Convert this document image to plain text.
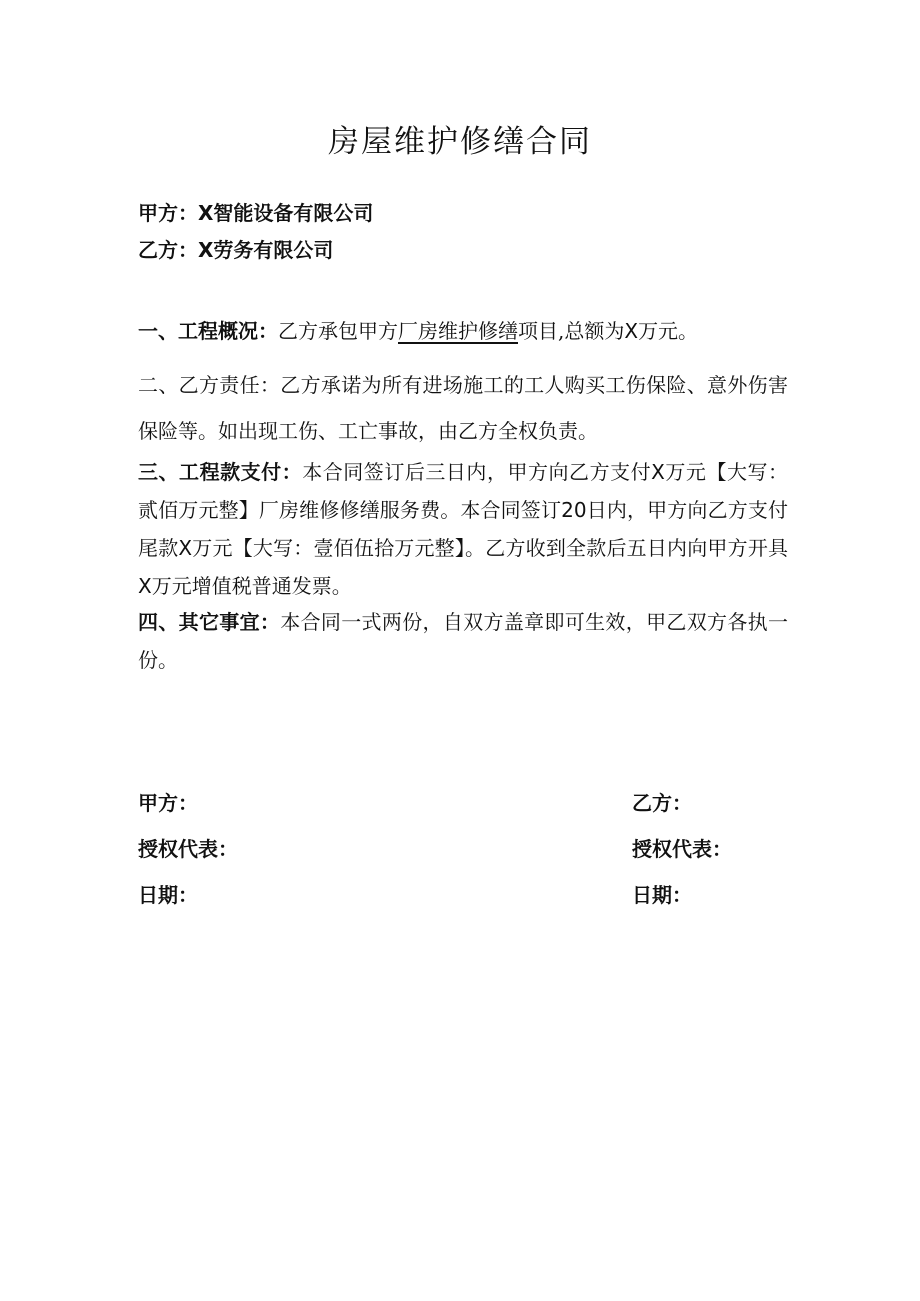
房屋维护修缮合同
甲方：X智能设备有限公司
乙方：X劳务有限公司

一、工程概况：乙方承包甲方厂房维护修缮项目,总额为X万元。

二、乙方责任：乙方承诺为所有进场施工的工人购买工伤保险、意外伤害保险等。如出现工伤、工亡事故，由乙方全权负责。

三、工程款支付：本合同签订后三日内，甲方向乙方支付X万元【大写：贰佰万元整】厂房维修修缮服务费。本合同签订20日内，甲方向乙方支付尾款X万元【大写：壹佰伍拾万元整】。乙方收到全款后五日内向甲方开具X万元增值税普通发票。

四、其它事宜：本合同一式两份，自双方盖章即可生效，甲乙双方各执一份。

甲方：
授权代表：
日期：
乙方：
授权代表：
日期：
